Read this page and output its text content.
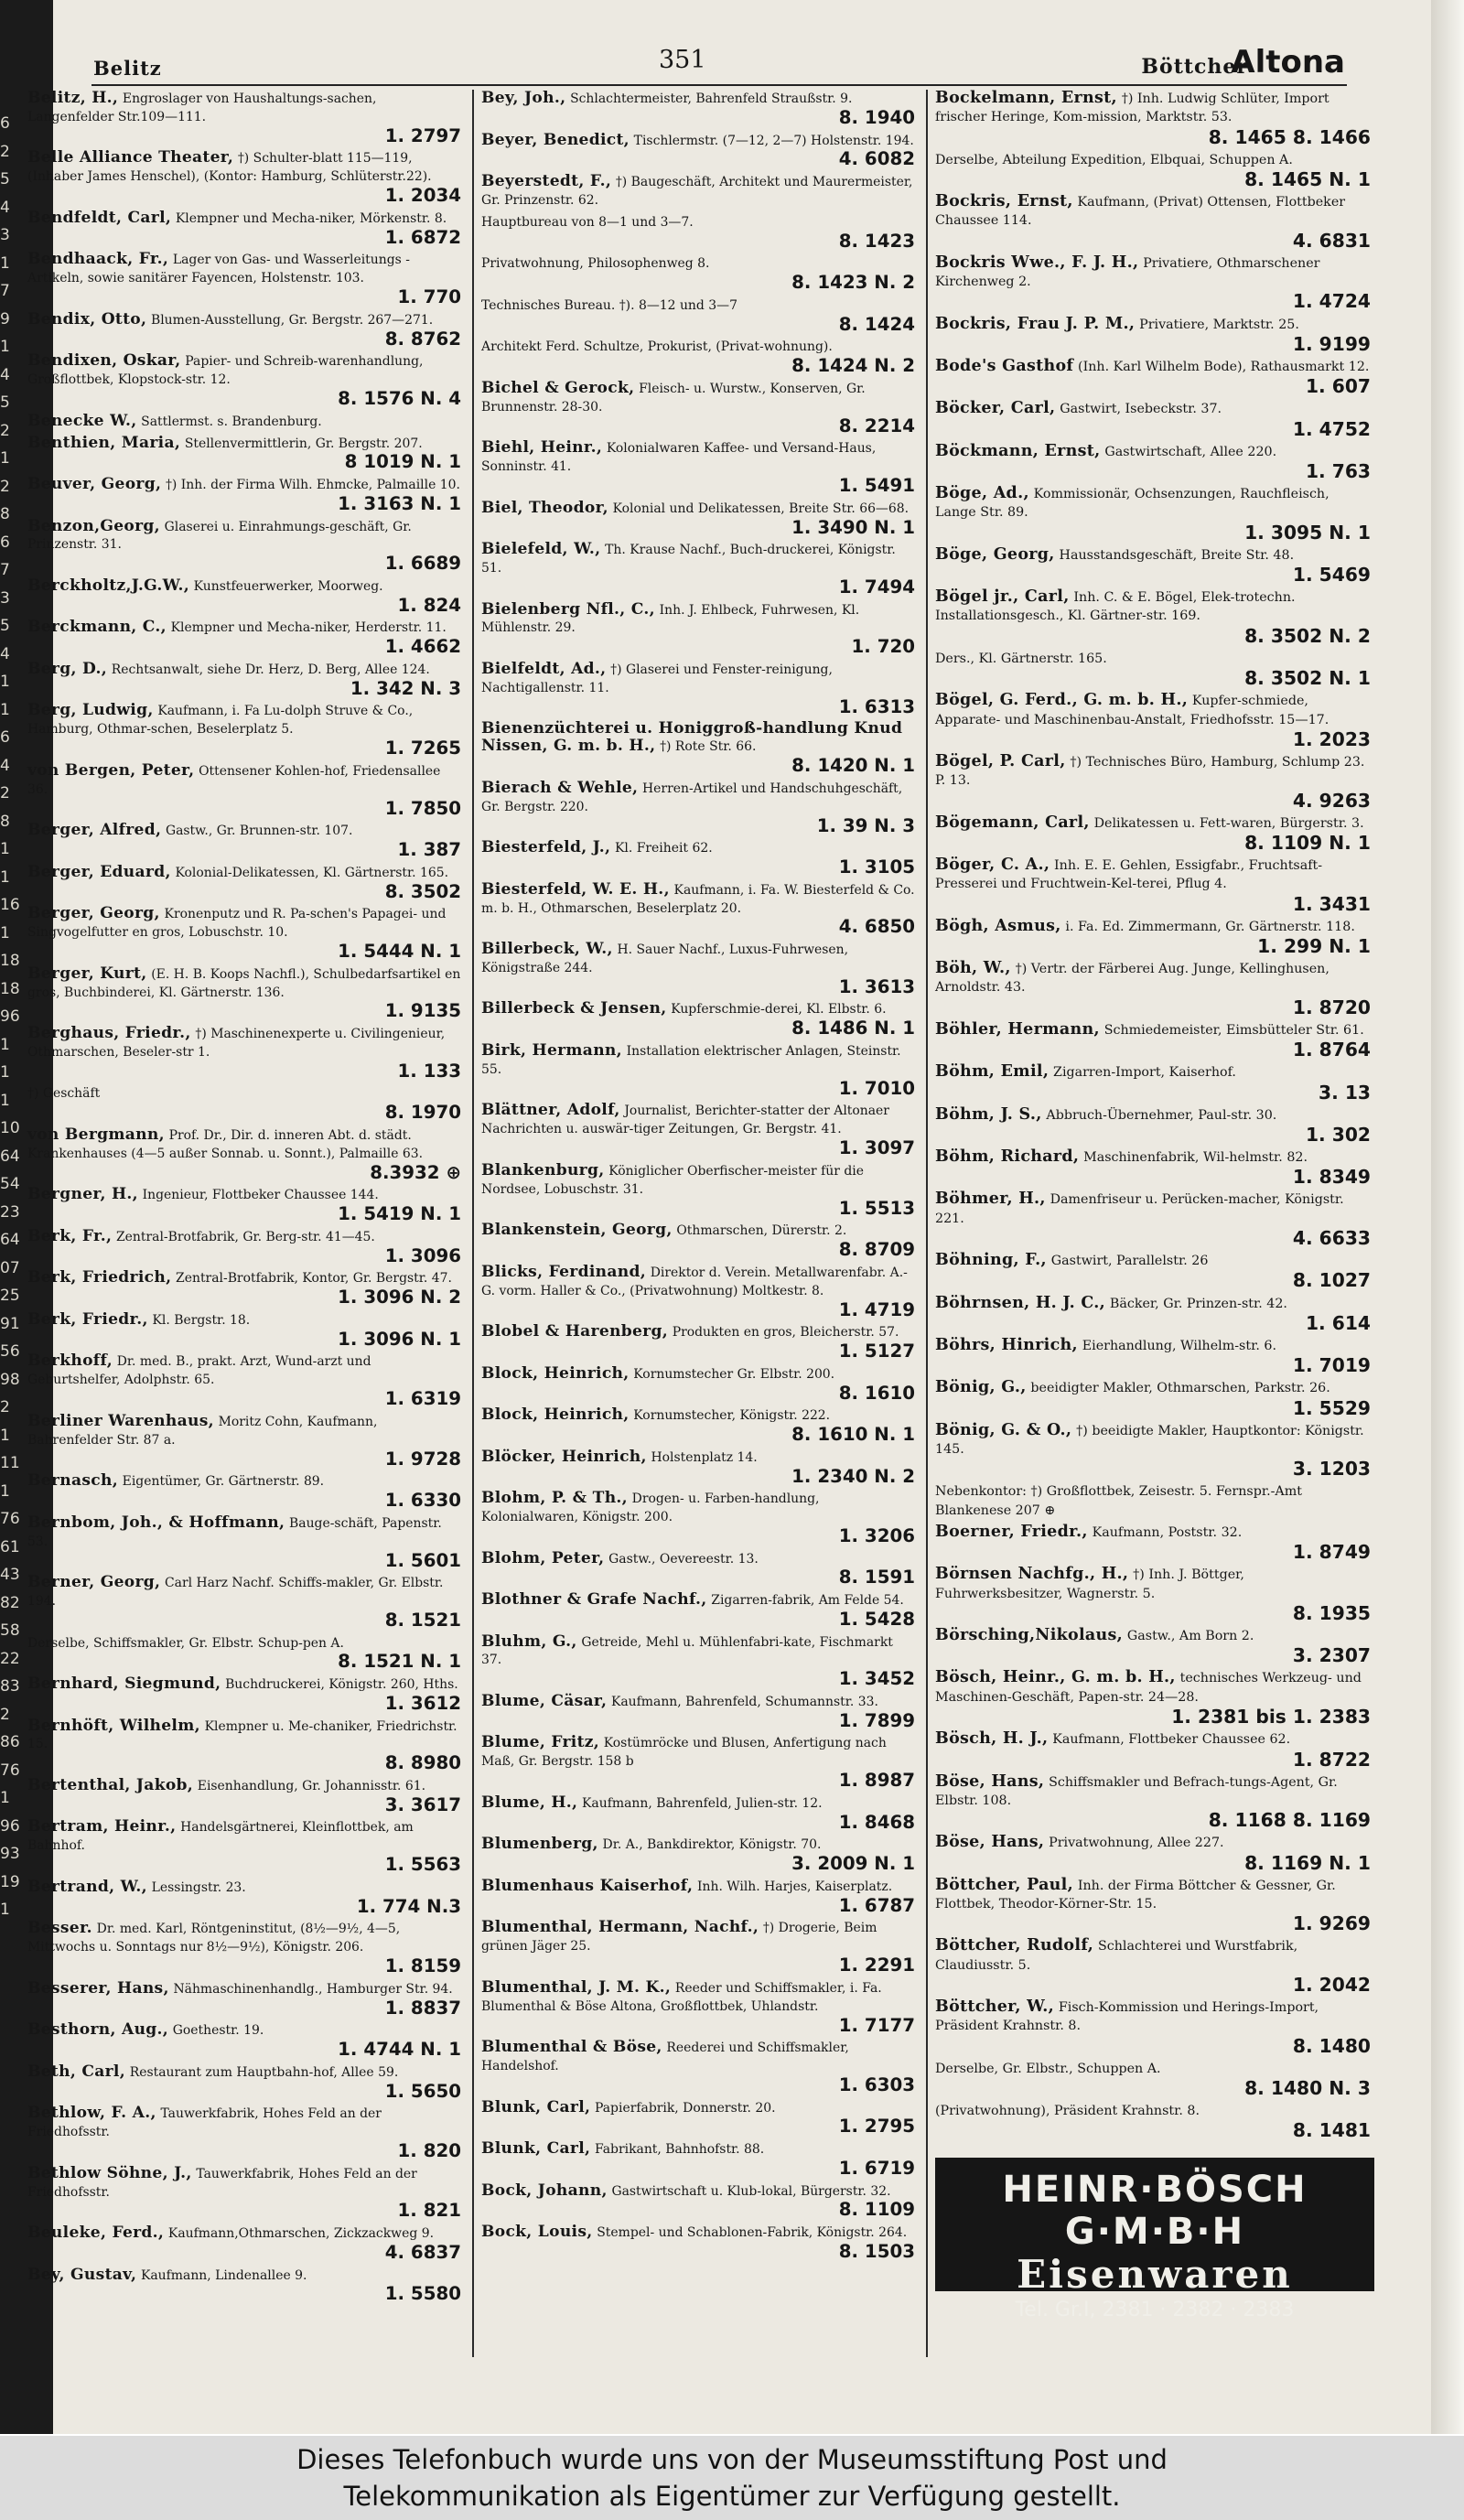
6
2
5
4
3
1
7
9
1
4
5
2
1
2
8
6
7
3
5
4
1
1
6
4
2
8
1
1
16
1
18
18
96
1
1
1
10
64
54
23
64
07
25
91
56
98
2
1
11
1
76
61
43
82
58
22
83
2
86
76
1
96
93
19
1
Belitz	351	Böttcher
Altona
Belitz, H., Engroslager von Haushaltungs-sachen, Langenfelder Str.109—111.
1. 2797
Belle Alliance Theater, †) Schulter-blatt 115—119, (Inhaber James Henschel), (Kontor: Hamburg, Schlüterstr.22).
1. 2034
Bendfeldt, Carl, Klempner und Mecha-niker, Mörkenstr. 8.
1. 6872
Bendhaack, Fr., Lager von Gas- und Wasserleitungs - Artikeln, sowie sanitärer Fayencen, Holstenstr. 103.
1. 770
Bendix, Otto, Blumen-Ausstellung, Gr. Bergstr. 267—271.
8. 8762
Bendixen, Oskar, Papier- und Schreib-warenhandlung, Großflottbek, Klopstock-str. 12.
8. 1576 N. 4
Benecke W., Sattlermst. s. Brandenburg.
Benthien, Maria, Stellenvermittlerin, Gr. Bergstr. 207.
8 1019 N. 1
Beuver, Georg, †) Inh. der Firma Wilh. Ehmcke, Palmaille 10.
1. 3163 N. 1
Benzon,Georg, Glaserei u. Einrahmungs-geschäft, Gr. Prinzenstr. 31.
1. 6689
Berckholtz,J.G.W., Kunstfeuerwerker, Moorweg.
1. 824
Berckmann, C., Klempner und Mecha-niker, Herderstr. 11.
1. 4662
Berg, D., Rechtsanwalt, siehe Dr. Herz, D. Berg, Allee 124.
1. 342 N. 3
Berg, Ludwig, Kaufmann, i. Fa Lu-dolph Struve & Co., Hamburg, Othmar-schen, Beselerplatz 5.
1. 7265
von Bergen, Peter, Ottensener Kohlen-hof, Friedensallee 36.
1. 7850
Berger, Alfred, Gastw., Gr. Brunnen-str. 107.
1. 387
Berger, Eduard, Kolonial-Delikatessen, Kl. Gärtnerstr. 165.
8. 3502
Berger, Georg, Kronenputz und R. Pa-schen's Papagei- und Singvogelfutter en gros, Lobuschstr. 10.
1. 5444 N. 1
Berger, Kurt, (E. H. B. Koops Nachfl.), Schulbedarfsartikel en gros, Buchbinderei, Kl. Gärtnerstr. 136.
1. 9135
Berghaus, Friedr., †) Maschinenexperte u. Civilingenieur, Othmarschen, Beseler-str 1.
1. 133
†) Geschäft
8. 1970
von Bergmann, Prof. Dr., Dir. d. inneren Abt. d. städt. Krankenhauses (4—5 außer Sonnab. u. Sonnt.), Palmaille 63.
8.3932 ⊕
Bergner, H., Ingenieur, Flottbeker Chaussee 144.
1. 5419 N. 1
Berk, Fr., Zentral-Brotfabrik, Gr. Berg-str. 41—45.
1. 3096
Berk, Friedrich, Zentral-Brotfabrik, Kontor, Gr. Bergstr. 47.
1. 3096 N. 2
Berk, Friedr., Kl. Bergstr. 18.
1. 3096 N. 1
Berkhoff, Dr. med. B., prakt. Arzt, Wund-arzt und Geburtshelfer, Adolphstr. 65.
1. 6319
Berliner Warenhaus, Moritz Cohn, Kaufmann, Bahrenfelder Str. 87 a.
1. 9728
Bernasch, Eigentümer, Gr. Gärtnerstr. 89.
1. 6330
Bernbom, Joh., & Hoffmann, Bauge-schäft, Papenstr. 53.
1. 5601
Berner, Georg, Carl Harz Nachf. Schiffs-makler, Gr. Elbstr. 194.
8. 1521
Derselbe, Schiffsmakler, Gr. Elbstr. Schup-pen A.
8. 1521 N. 1
Bernhard, Siegmund, Buchdruckerei, Königstr. 260, Hths.
1. 3612
Bernhöft, Wilhelm, Klempner u. Me-chaniker, Friedrichstr. 15.
8. 8980
Bertenthal, Jakob, Eisenhandlung, Gr. Johannisstr. 61.
3. 3617
Bertram, Heinr., Handelsgärtnerei, Kleinflottbek, am Bahnhof.
1. 5563
Bertrand, W., Lessingstr. 23.
1. 774 N.3
Besser. Dr. med. Karl, Röntgeninstitut, (8½—9½, 4—5, Mittwochs u. Sonntags nur 8½—9½), Königstr. 206.
1. 8159
Besserer, Hans, Nähmaschinenhandlg., Hamburger Str. 94.
1. 8837
Besthorn, Aug., Goethestr. 19.
1. 4744 N. 1
Beth, Carl, Restaurant zum Hauptbahn-hof, Allee 59.
1. 5650
Bethlow, F. A., Tauwerkfabrik, Hohes Feld an der Friedhofsstr.
1. 820
Bethlow Söhne, J., Tauwerkfabrik, Hohes Feld an der Friedhofsstr.
1. 821
Beuleke, Ferd., Kaufmann,Othmarschen, Zickzackweg 9.
4. 6837
Bey, Gustav, Kaufmann, Lindenallee 9.
1. 5580
Bey, Joh., Schlachtermeister, Bahrenfeld Straußstr. 9.
8. 1940
Beyer, Benedict, Tischlermstr. (7—12, 2—7) Holstenstr. 194.
4. 6082
Beyerstedt, F., †) Baugeschäft, Architekt und Maurermeister, Gr. Prinzenstr. 62.
Hauptbureau von 8—1 und 3—7.
8. 1423
Privatwohnung, Philosophenweg 8.
8. 1423 N. 2
Technisches Bureau. †). 8—12 und 3—7
8. 1424
Architekt Ferd. Schultze, Prokurist, (Privat-wohnung).
8. 1424 N. 2
Bichel & Gerock, Fleisch- u. Wurstw., Konserven, Gr. Brunnenstr. 28-30.
8. 2214
Biehl, Heinr., Kolonialwaren Kaffee- und Versand-Haus, Sonninstr. 41.
1. 5491
Biel, Theodor, Kolonial und Delikatessen, Breite Str. 66—68.
1. 3490 N. 1
Bielefeld, W., Th. Krause Nachf., Buch-druckerei, Königstr. 51.
1. 7494
Bielenberg Nfl., C., Inh. J. Ehlbeck, Fuhrwesen, Kl. Mühlenstr. 29.
1. 720
Bielfeldt, Ad., †) Glaserei und Fenster-reinigung, Nachtigallenstr. 11.
1. 6313
Bienenzüchterei u. Honiggroß-handlung Knud Nissen, G. m. b. H., †) Rote Str. 66.
8. 1420 N. 1
Bierach & Wehle, Herren-Artikel und Handschuhgeschäft, Gr. Bergstr. 220.
1. 39 N. 3
Biesterfeld, J., Kl. Freiheit 62.
1. 3105
Biesterfeld, W. E. H., Kaufmann, i. Fa. W. Biesterfeld & Co. m. b. H., Othmarschen, Beselerplatz 20.
4. 6850
Billerbeck, W., H. Sauer Nachf., Luxus-Fuhrwesen, Königstraße 244.
1. 3613
Billerbeck & Jensen, Kupferschmie-derei, Kl. Elbstr. 6.
8. 1486 N. 1
Birk, Hermann, Installation elektrischer Anlagen, Steinstr. 55.
1. 7010
Blättner, Adolf, Journalist, Berichter-statter der Altonaer Nachrichten u. auswär-tiger Zeitungen, Gr. Bergstr. 41.
1. 3097
Blankenburg, Königlicher Oberfischer-meister für die Nordsee, Lobuschstr. 31.
1. 5513
Blankenstein, Georg, Othmarschen, Dürerstr. 2.
8. 8709
Blicks, Ferdinand, Direktor d. Verein. Metallwarenfabr. A.-G. vorm. Haller & Co., (Privatwohnung) Moltkestr. 8.
1. 4719
Blobel & Harenberg, Produkten en gros, Bleicherstr. 57.
1. 5127
Block, Heinrich, Kornumstecher Gr. Elbstr. 200.
8. 1610
Block, Heinrich, Kornumstecher, Königstr. 222.
8. 1610 N. 1
Blöcker, Heinrich, Holstenplatz 14.
1. 2340 N. 2
Blohm, P. & Th., Drogen- u. Farben-handlung, Kolonialwaren, Königstr. 200.
1. 3206
Blohm, Peter, Gastw., Oevereestr. 13.
8. 1591
Blothner & Grafe Nachf., Zigarren-fabrik, Am Felde 54.
1. 5428
Bluhm, G., Getreide, Mehl u. Mühlenfabri-kate, Fischmarkt 37.
1. 3452
Blume, Cäsar, Kaufmann, Bahrenfeld, Schumannstr. 33.
1. 7899
Blume, Fritz, Kostümröcke und Blusen, Anfertigung nach Maß, Gr. Bergstr. 158 b
1. 8987
Blume, H., Kaufmann, Bahrenfeld, Julien-str. 12.
1. 8468
Blumenberg, Dr. A., Bankdirektor, Königstr. 70.
3. 2009 N. 1
Blumenhaus Kaiserhof, Inh. Wilh. Harjes, Kaiserplatz.
1. 6787
Blumenthal, Hermann, Nachf., †) Drogerie, Beim grünen Jäger 25.
1. 2291
Blumenthal, J. M. K., Reeder und Schiffsmakler, i. Fa. Blumenthal & Böse Altona, Großflottbek, Uhlandstr.
1. 7177
Blumenthal & Böse, Reederei und Schiffsmakler, Handelshof.
1. 6303
Blunk, Carl, Papierfabrik, Donnerstr. 20.
1. 2795
Blunk, Carl, Fabrikant, Bahnhofstr. 88.
1. 6719
Bock, Johann, Gastwirtschaft u. Klub-lokal, Bürgerstr. 32.
8. 1109
Bock, Louis, Stempel- und Schablonen-Fabrik, Königstr. 264.
8. 1503
Bockelmann, Ernst, †) Inh. Ludwig Schlüter, Import frischer Heringe, Kom-mission, Marktstr. 53.
8. 1465 8. 1466
Derselbe, Abteilung Expedition, Elbquai, Schuppen A.
8. 1465 N. 1
Bockris, Ernst, Kaufmann, (Privat) Ottensen, Flottbeker Chaussee 114.
4. 6831
Bockris Wwe., F. J. H., Privatiere, Othmarschener Kirchenweg 2.
1. 4724
Bockris, Frau J. P. M., Privatiere, Marktstr. 25.
1. 9199
Bode's Gasthof (Inh. Karl Wilhelm Bode), Rathausmarkt 12.
1. 607
Böcker, Carl, Gastwirt, Isebeckstr. 37.
1. 4752
Böckmann, Ernst, Gastwirtschaft, Allee 220.
1. 763
Böge, Ad., Kommissionär, Ochsenzungen, Rauchfleisch, Lange Str. 89.
1. 3095 N. 1
Böge, Georg, Hausstandsgeschäft, Breite Str. 48.
1. 5469
Bögel jr., Carl, Inh. C. & E. Bögel, Elek-trotechn. Installationsgesch., Kl. Gärtner-str. 169.
8. 3502 N. 2
Ders., Kl. Gärtnerstr. 165.
8. 3502 N. 1
Bögel, G. Ferd., G. m. b. H., Kupfer-schmiede, Apparate- und Maschinenbau-Anstalt, Friedhofsstr. 15—17.
1. 2023
Bögel, P. Carl, †) Technisches Büro, Hamburg, Schlump 23. P. 13.
4. 9263
Bögemann, Carl, Delikatessen u. Fett-waren, Bürgerstr. 3.
8. 1109 N. 1
Böger, C. A., Inh. E. E. Gehlen, Essigfabr., Fruchtsaft-Presserei und Fruchtwein-Kel-terei, Pflug 4.
1. 3431
Bögh, Asmus, i. Fa. Ed. Zimmermann, Gr. Gärtnerstr. 118.
1. 299 N. 1
Böh, W., †) Vertr. der Färberei Aug. Junge, Kellinghusen, Arnoldstr. 43.
1. 8720
Böhler, Hermann, Schmiedemeister, Eimsbütteler Str. 61.
1. 8764
Böhm, Emil, Zigarren-Import, Kaiserhof.
3. 13
Böhm, J. S., Abbruch-Übernehmer, Paul-str. 30.
1. 302
Böhm, Richard, Maschinenfabrik, Wil-helmstr. 82.
1. 8349
Böhmer, H., Damenfriseur u. Perücken-macher, Königstr. 221.
4. 6633
Böhning, F., Gastwirt, Parallelstr. 26
8. 1027
Böhrnsen, H. J. C., Bäcker, Gr. Prinzen-str. 42.
1. 614
Böhrs, Hinrich, Eierhandlung, Wilhelm-str. 6.
1. 7019
Bönig, G., beeidigter Makler, Othmarschen, Parkstr. 26.
1. 5529
Bönig, G. & O., †) beeidigte Makler, Hauptkontor: Königstr. 145.
3. 1203
Nebenkontor: †) Großflottbek, Zeisestr. 5. Fernspr.-Amt Blankenese 207 ⊕
Boerner, Friedr., Kaufmann, Poststr. 32.
1. 8749
Börnsen Nachfg., H., †) Inh. J. Böttger, Fuhrwerksbesitzer, Wagnerstr. 5.
8. 1935
Börsching,Nikolaus, Gastw., Am Born 2.
3. 2307
Bösch, Heinr., G. m. b. H., technisches Werkzeug- und Maschinen-Geschäft, Papen-str. 24—28.
1. 2381 bis 1. 2383
Bösch, H. J., Kaufmann, Flottbeker Chaussee 62.
1. 8722
Böse, Hans, Schiffsmakler und Befrach-tungs-Agent, Gr. Elbstr. 108.
8. 1168 8. 1169
Böse, Hans, Privatwohnung, Allee 227.
8. 1169 N. 1
Böttcher, Paul, Inh. der Firma Böttcher & Gessner, Gr. Flottbek, Theodor-Körner-Str. 15.
1. 9269
Böttcher, Rudolf, Schlachterei und Wurstfabrik, Claudiusstr. 5.
1. 2042
Böttcher, W., Fisch-Kommission und Herings-Import, Präsident Krahnstr. 8.
8. 1480
Derselbe, Gr. Elbstr., Schuppen A.
8. 1480 N. 3
(Privatwohnung), Präsident Krahnstr. 8.
8. 1481
HEINR·BÖSCH G·M·B·H
Eisenwaren
Tel. Gr.I, 2381 · 2382 · 2383
Dieses Telefonbuch wurde uns von der Museumsstiftung Post und
Telekommunikation als Eigentümer zur Verfügung gestellt.
